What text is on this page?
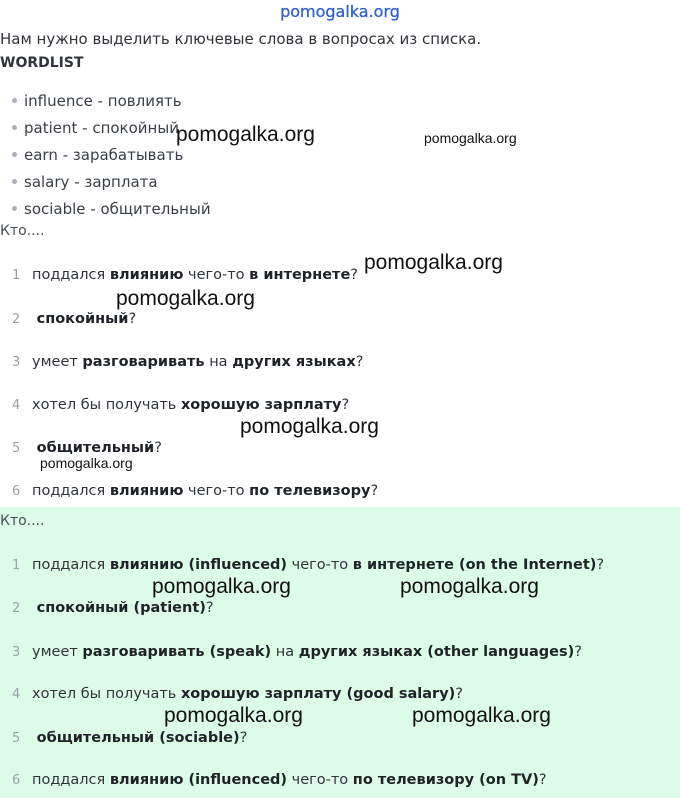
pomogalka.org
Нам нужно выделить ключевые слова в вопросах из списка.
WORDLIST
influence - повлиять
patient - спокойный
earn - зарабатывать
salary - зарплата
sociable - общительный
Кто....
1 поддался влиянию чего-то в интернете?
2 спокойный?
3 умеет разговаривать на других языках?
4 хотел бы получать хорошую зарплату?
5 общительный?
6 поддался влиянию чего-то по телевизору?
Кто....
1 поддался влиянию (influenced) чего-то в интернете (on the Internet)?
2 спокойный (patient)?
3 умеет разговаривать (speak) на других языках (other languages)?
4 хотел бы получать хорошую зарплату (good salary)?
5 общительный (sociable)?
6 поддался влиянию (influenced) чего-то по телевизору (on TV)?
pomogalka.org	pomogalka.org
pomogalka.org
pomogalka.org
pomogalka.org
pomogalka.org
pomogalka.org	pomogalka.org
pomogalka.org	pomogalka.org
